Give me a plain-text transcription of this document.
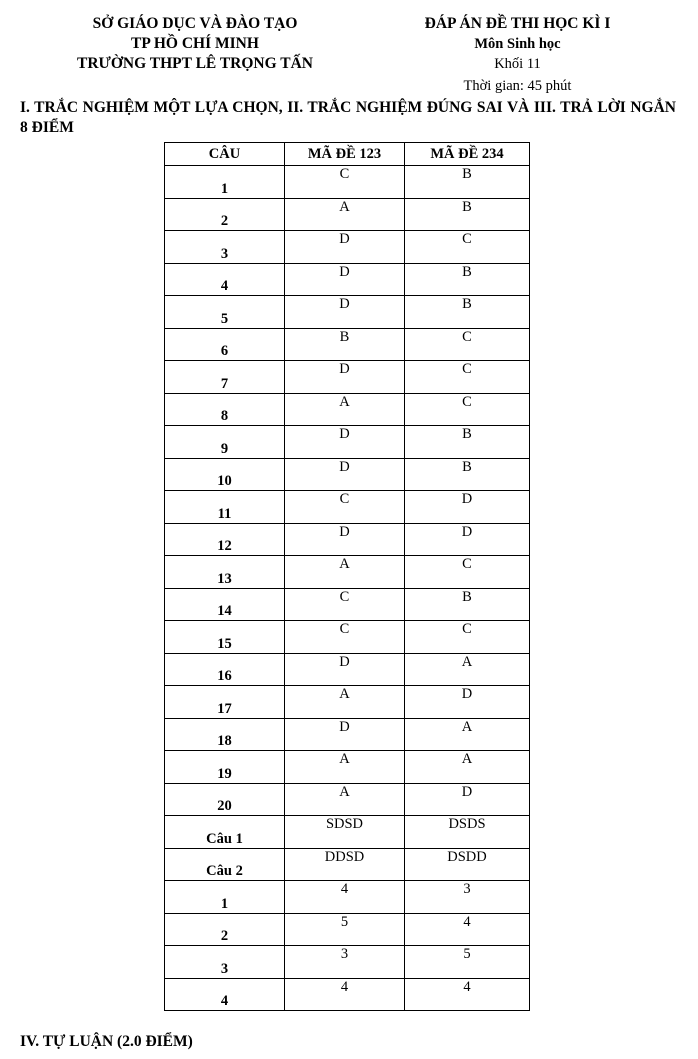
SỞ GIÁO DỤC VÀ ĐÀO TẠO
TP HỒ CHÍ MINH
TRƯỜNG THPT LÊ TRỌNG TẤN
ĐÁP ÁN ĐỀ THI HỌC KÌ I
Môn Sinh học
Khối 11
Thời gian: 45 phút
I. TRẮC NGHIỆM MỘT LỰA CHỌN, II. TRẮC NGHIỆM ĐÚNG SAI VÀ III. TRẢ LỜI NGẮN 8 ĐIỂM
CÂU	MÃ ĐỀ 123	MÃ ĐỀ 234
1	C	B
2	A	B
3	D	C
4	D	B
5	D	B
6	B	C
7	D	C
8	A	C
9	D	B
10	D	B
11	C	D
12	D	D
13	A	C
14	C	B
15	C	C
16	D	A
17	A	D
18	D	A
19	A	A
20	A	D
Câu 1	SDSD	DSDS
Câu 2	DDSD	DSDD
1	4	3
2	5	4
3	3	5
4	4	4
IV. TỰ LUẬN (2.0 ĐIỂM)
